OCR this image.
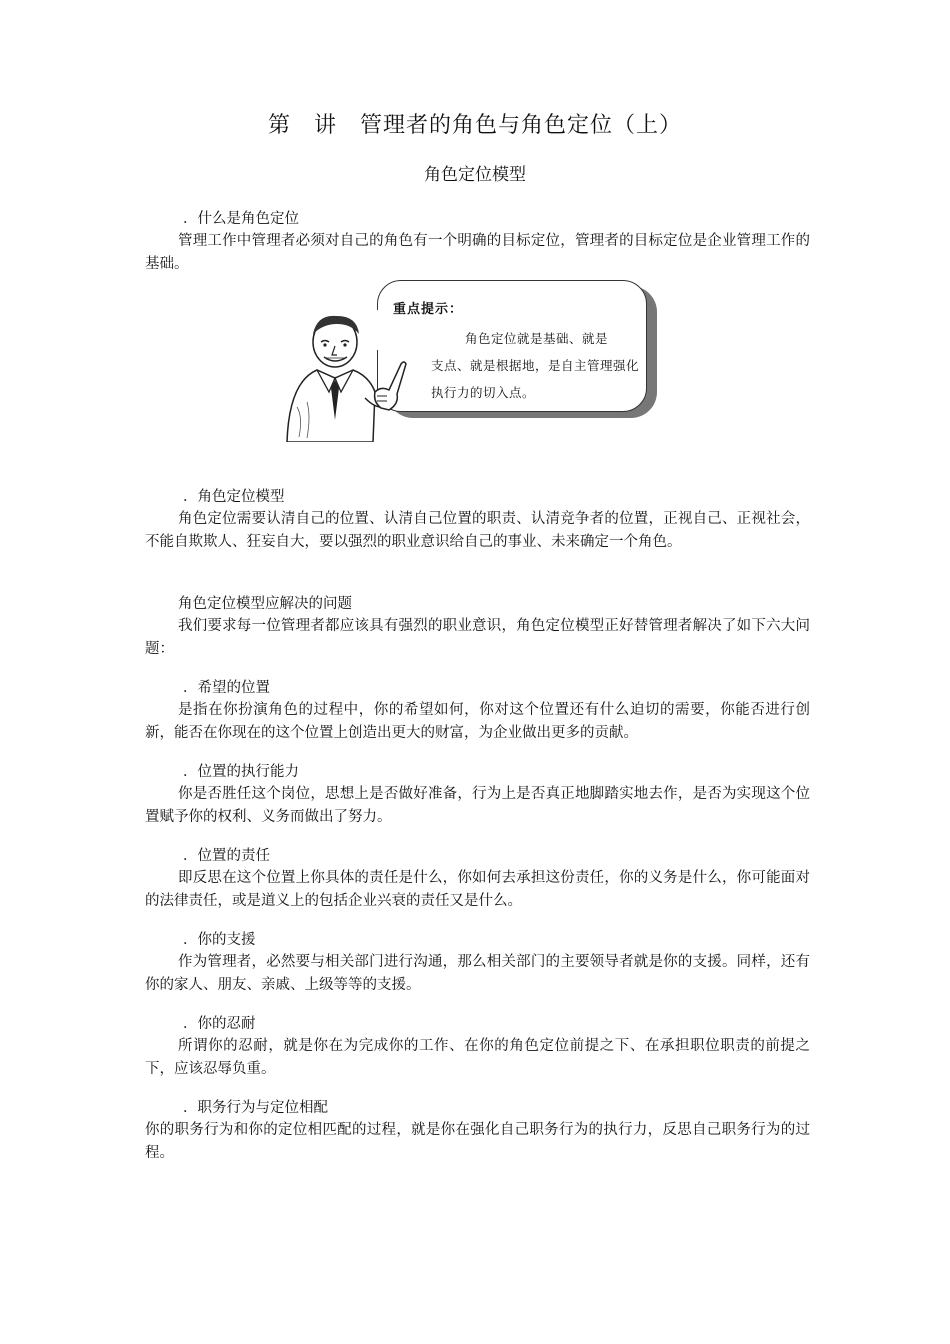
第　讲　管理者的角色与角色定位（上）
角色定位模型
．什么是角色定位

管理工作中管理者必须对自己的角色有一个明确的目标定位，管理者的目标定位是企业管理工作的基础。

重点提示：
角色定位就是基础、就是
支点、就是根据地，是自主管理强化执行力的切入点。
．角色定位模型

角色定位需要认清自己的位置、认清自己位置的职责、认清竞争者的位置，正视自己、正视社会，不能自欺欺人、狂妄自大，要以强烈的职业意识给自己的事业、未来确定一个角色。

角色定位模型应解决的问题

我们要求每一位管理者都应该具有强烈的职业意识，角色定位模型正好替管理者解决了如下六大问题：

．希望的位置

是指在你扮演角色的过程中，你的希望如何，你对这个位置还有什么迫切的需要，你能否进行创新，能否在你现在的这个位置上创造出更大的财富，为企业做出更多的贡献。

．位置的执行能力

你是否胜任这个岗位，思想上是否做好准备，行为上是否真正地脚踏实地去作，是否为实现这个位置赋予你的权利、义务而做出了努力。

．位置的责任

即反思在这个位置上你具体的责任是什么，你如何去承担这份责任，你的义务是什么，你可能面对的法律责任，或是道义上的包括企业兴衰的责任又是什么。

．你的支援

作为管理者，必然要与相关部门进行沟通，那么相关部门的主要领导者就是你的支援。同样，还有你的家人、朋友、亲戚、上级等等的支援。

．你的忍耐

所谓你的忍耐，就是你在为完成你的工作、在你的角色定位前提之下、在承担职位职责的前提之下，应该忍辱负重。

．职务行为与定位相配

你的职务行为和你的定位相匹配的过程，就是你在强化自己职务行为的执行力，反思自己职务行为的过程。
